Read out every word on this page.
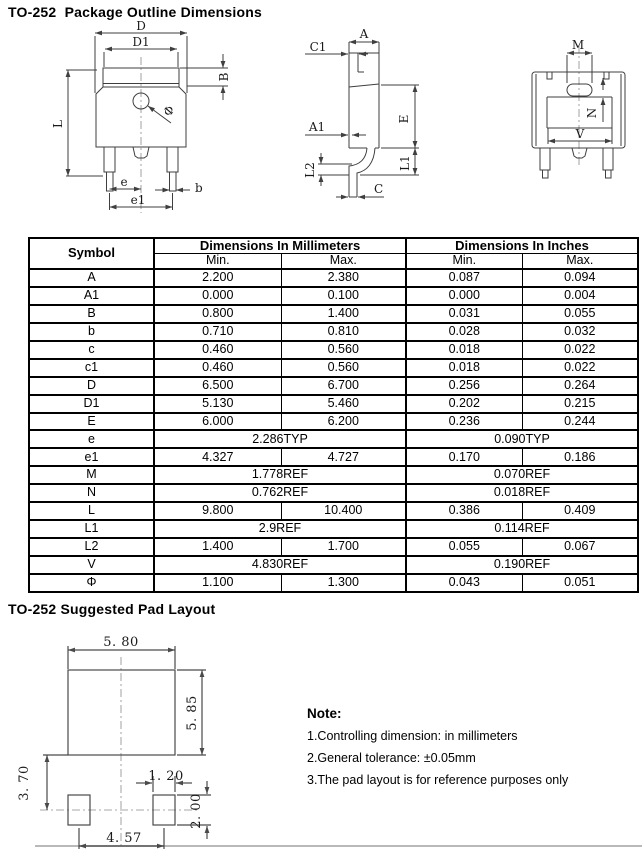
TO-252  Package Outline Dimensions
D
D1
Φ
B
L
e	b
e1
A
C1
A1
L2
C
E
L1
M
N
V
Symbol	Dimensions In Millimeters		Dimensions In Inches	
	Min.	Max.	Min.	Max.
A	2.200	2.380	0.087	0.094
A1	0.000	0.100	0.000	0.004
B	0.800	1.400	0.031	0.055
b	0.710	0.810	0.028	0.032
c	0.460	0.560	0.018	0.022
c1	0.460	0.560	0.018	0.022
D	6.500	6.700	0.256	0.264
D1	5.130	5.460	0.202	0.215
E	6.000	6.200	0.236	0.244
e	2.286TYP		0.090TYP	
e1	4.327	4.727	0.170	0.186
M	1.778REF		0.070REF	
N	0.762REF		0.018REF	
L	9.800	10.400	0.386	0.409
L1	2.9REF		0.114REF	
L2	1.400	1.700	0.055	0.067
V	4.830REF		0.190REF	
Φ	1.100	1.300	0.043	0.051
TO-252 Suggested Pad Layout
5. 80
5. 85
3. 70	1. 20
2. 00
4. 57
Note:
1.Controlling dimension: in millimeters
2.General tolerance: ±0.05mm
3.The pad layout is for reference purposes only
